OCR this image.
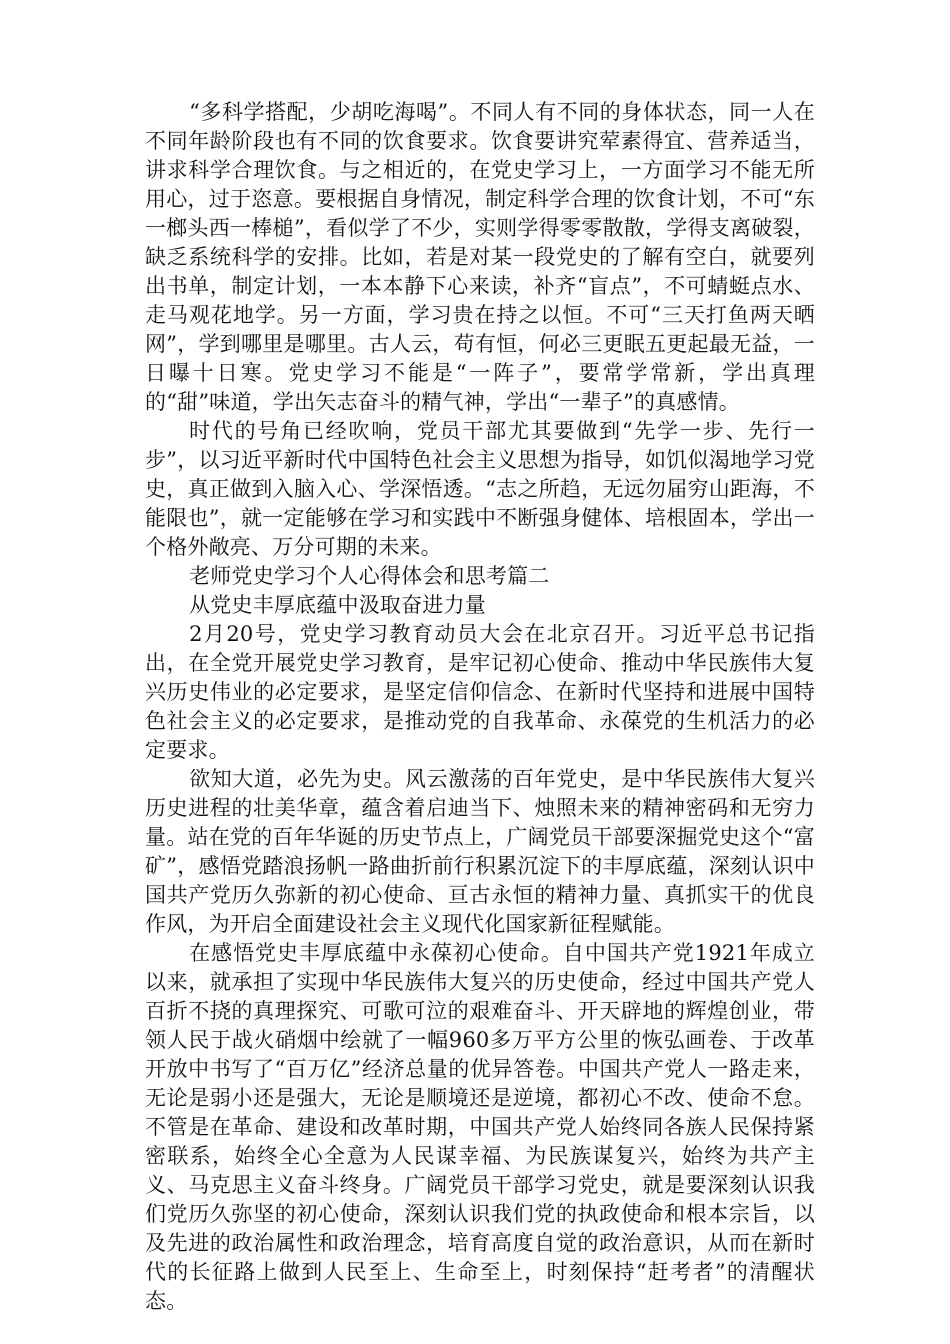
“多科学搭配，少胡吃海喝”。不同人有不同的身体状态，同一人在不同年龄阶段也有不同的饮食要求。饮食要讲究荤素得宜、营养适当，讲求科学合理饮食。与之相近的，在党史学习上，一方面学习不能无所用心，过于恣意。要根据自身情况，制定科学合理的饮食计划，不可“东一榔头西一棒槌”，看似学了不少，实则学得零零散散，学得支离破裂，缺乏系统科学的安排。比如，若是对某一段党史的了解有空白，就要列出书单，制定计划，一本本静下心来读，补齐“盲点”，不可蜻蜓点水、走马观花地学。另一方面，学习贵在持之以恒。不可“三天打鱼两天晒网”，学到哪里是哪里。古人云，苟有恒，何必三更眠五更起最无益，一日曝十日寒。党史学习不能是“一阵子”，要常学常新，学出真理的“甜”味道，学出矢志奋斗的精气神，学出“一辈子”的真感情。

时代的号角已经吹响，党员干部尤其要做到“先学一步、先行一步”，以习近平新时代中国特色社会主义思想为指导，如饥似渴地学习党史，真正做到入脑入心、学深悟透。“志之所趋，无远勿届穷山距海，不能限也”，就一定能够在学习和实践中不断强身健体、培根固本，学出一个格外敞亮、万分可期的未来。

老师党史学习个人心得体会和思考篇二

从党史丰厚底蕴中汲取奋进力量

2月20号，党史学习教育动员大会在北京召开。习近平总书记指出，在全党开展党史学习教育，是牢记初心使命、推动中华民族伟大复兴历史伟业的必定要求，是坚定信仰信念、在新时代坚持和进展中国特色社会主义的必定要求，是推动党的自我革命、永葆党的生机活力的必定要求。

欲知大道，必先为史。风云激荡的百年党史，是中华民族伟大复兴历史进程的壮美华章，蕴含着启迪当下、烛照未来的精神密码和无穷力量。站在党的百年华诞的历史节点上，广阔党员干部要深掘党史这个“富矿”，感悟党踏浪扬帆一路曲折前行积累沉淀下的丰厚底蕴，深刻认识中国共产党历久弥新的初心使命、亘古永恒的精神力量、真抓实干的优良作风，为开启全面建设社会主义现代化国家新征程赋能。

在感悟党史丰厚底蕴中永葆初心使命。自中国共产党1921年成立以来，就承担了实现中华民族伟大复兴的历史使命，经过中国共产党人百折不挠的真理探究、可歌可泣的艰难奋斗、开天辟地的辉煌创业，带领人民于战火硝烟中绘就了一幅960多万平方公里的恢弘画卷、于改革开放中书写了“百万亿”经济总量的优异答卷。中国共产党人一路走来，无论是弱小还是强大，无论是顺境还是逆境，都初心不改、使命不怠。不管是在革命、建设和改革时期，中国共产党人始终同各族人民保持紧密联系，始终全心全意为人民谋幸福、为民族谋复兴，始终为共产主义、马克思主义奋斗终身。广阔党员干部学习党史，就是要深刻认识我们党历久弥坚的初心使命，深刻认识我们党的执政使命和根本宗旨，以及先进的政治属性和政治理念，培育高度自觉的政治意识，从而在新时代的长征路上做到人民至上、生命至上，时刻保持“赶考者”的清醒状态。
